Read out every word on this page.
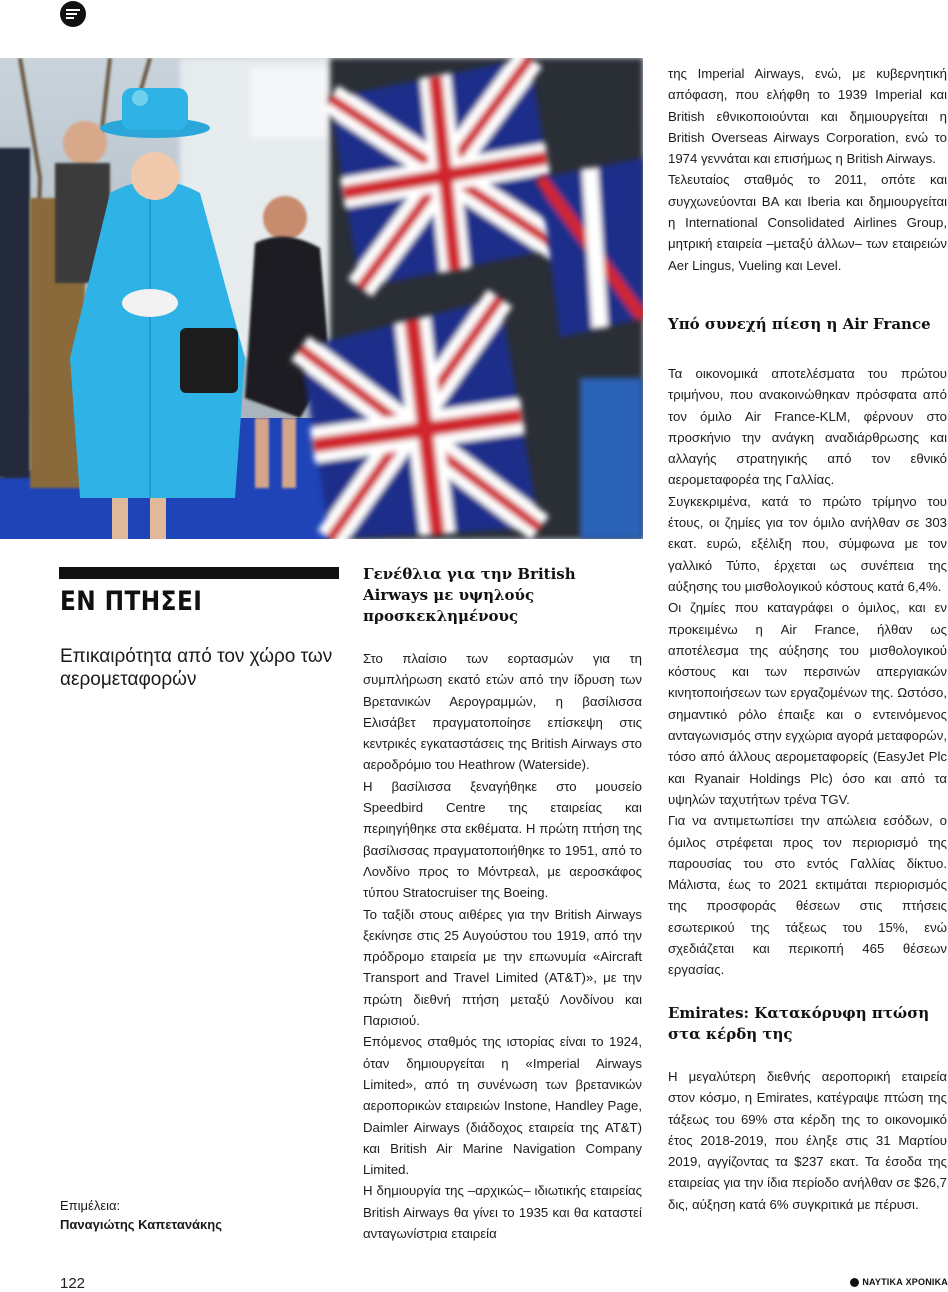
ΕΝ ΠΤΗΣΕΙ

Επικαιρότητα από τον χώρο των αερομεταφορών

Επιμέλεια:
Παναγιώτης Καπετανάκης
Γενέθλια για την British Airways με υψηλούς προσκεκλημένους

Στο πλαίσιο των εορτασμών για τη συμπλήρωση εκατό ετών από την ίδρυση των Βρετανικών Αερογραμμών, η βασίλισσα Ελισάβετ πραγματοποίησε επίσκεψη στις κεντρικές εγκαταστάσεις της British Airways στο αεροδρόμιο του Heathrow (Waterside).

Η βασίλισσα ξεναγήθηκε στο μουσείο Speedbird Centre της εταιρείας και περιηγήθηκε στα εκθέματα. Η πρώτη πτήση της βασίλισσας πραγματοποιήθηκε το 1951, από το Λονδίνο προς το Μόντρεαλ, με αεροσκάφος τύπου Stratocruiser της Boeing.

Το ταξίδι στους αιθέρες για την British Airways ξεκίνησε στις 25 Αυγούστου του 1919, από την πρόδρομο εταιρεία με την επωνυμία «Aircraft Transport and Travel Limited (AT&T)», με την πρώτη διεθνή πτήση μεταξύ Λονδίνου και Παρισιού.

Επόμενος σταθμός της ιστορίας είναι το 1924, όταν δημιουργείται η «Imperial Airways Limited», από τη συνένωση των βρετανικών αεροπορικών εταιρειών Instone, Handley Page, Daimler Airways (διάδοχος εταιρεία της AT&T) και British Air Marine Navigation Company Limited.

Η δημιουργία της –αρχικώς– ιδιωτικής εταιρείας British Airways θα γίνει το 1935 και θα καταστεί ανταγωνίστρια εταιρεία

της Imperial Airways, ενώ, με κυβερνητική απόφαση, που ελήφθη το 1939 Imperial και British εθνικοποιούνται και δημιουργείται η British Overseas Airways Corporation, ενώ το 1974 γεννάται και επισήμως η British Airways.

Τελευταίος σταθμός το 2011, οπότε και συγχωνεύονται BA και Iberia και δημιουργείται η International Consolidated Airlines Group, μητρική εταιρεία –μεταξύ άλλων– των εταιρειών Aer Lingus, Vueling και Level.

Υπό συνεχή πίεση η Air France

Τα οικονομικά αποτελέσματα του πρώτου τριμήνου, που ανακοινώθηκαν πρόσφατα από τον όμιλο Air France-KLM, φέρνουν στο προσκήνιο την ανάγκη αναδιάρθρωσης και αλλαγής στρατηγικής από τον εθνικό αερομεταφορέα της Γαλλίας.

Συγκεκριμένα, κατά το πρώτο τρίμηνο του έτους, οι ζημίες για τον όμιλο ανήλθαν σε 303 εκατ. ευρώ, εξέλιξη που, σύμφωνα με τον γαλλικό Τύπο, έρχεται ως συνέπεια της αύξησης του μισθολογικού κόστους κατά 6,4%.

Οι ζημίες που καταγράφει ο όμιλος, και εν προκειμένω η Air France, ήλθαν ως αποτέλεσμα της αύξησης του μισθολογικού κόστους και των περσινών απεργιακών κινητοποιήσεων των εργαζομένων της. Ωστόσο, σημαντικό ρόλο έπαιξε και ο εντεινόμενος ανταγωνισμός στην εγχώρια αγορά μεταφορών, τόσο από άλλους αερομεταφορείς (EasyJet Plc και Ryanair Holdings Plc) όσο και από τα υψηλών ταχυτήτων τρένα TGV.

Για να αντιμετωπίσει την απώλεια εσόδων, ο όμιλος στρέφεται προς τον περιορισμό της παρουσίας του στο εντός Γαλλίας δίκτυο. Μάλιστα, έως το 2021 εκτιμάται περιορισμός της προσφοράς θέσεων στις πτήσεις εσωτερικού της τάξεως του 15%, ενώ σχεδιάζεται και περικοπή 465 θέσεων εργασίας.

Emirates: Κατακόρυφη πτώση στα κέρδη της

Η μεγαλύτερη διεθνής αεροπορική εταιρεία στον κόσμο, η Emirates, κατέγραψε πτώση της τάξεως του 69% στα κέρδη της το οικονομικό έτος 2018-2019, που έληξε στις 31 Μαρτίου 2019, αγγίζοντας τα $237 εκατ. Τα έσοδα της εταιρείας για την ίδια περίοδο ανήλθαν σε $26,7 δις, αύξηση κατά 6% συγκριτικά με πέρυσι.

122	ΝΑΥΤΙΚΑ ΧΡΟΝΙΚΑ
